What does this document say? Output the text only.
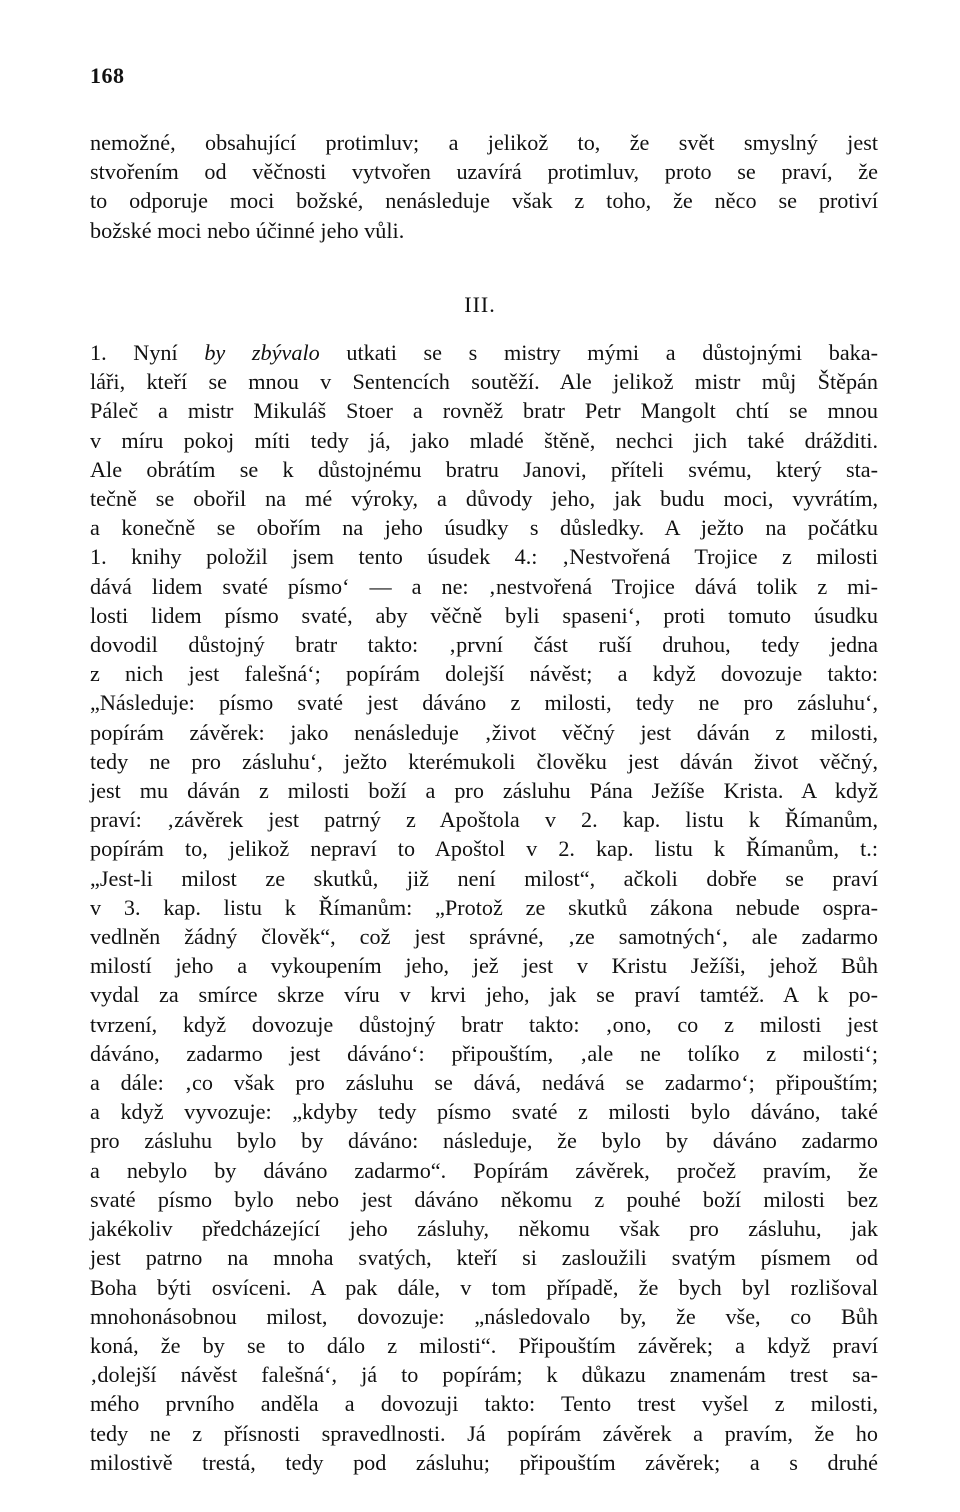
168
nemožné, obsahující protimluv; a jelikož to, že svět smyslný jest
stvořením od věčnosti vytvořen uzavírá protimluv, proto se praví, že
to odporuje moci božské, nenásleduje však z toho, že něco se protiví
božské moci nebo účinné jeho vůli.
III.
1. Nyní by zbývalo utkati se s mistry mými a důstojnými baka-
láři, kteří se mnou v Sentencích soutěží. Ale jelikož mistr můj Štěpán
Páleč a mistr Mikuláš Stoer a rovněž bratr Petr Mangolt chtí se mnou
v míru pokoj míti tedy já, jako mladé štěně, nechci jich také drážditi.
Ale obrátím se k důstojnému bratru Janovi, příteli svému, který sta-
tečně se obořil na mé výroky, a důvody jeho, jak budu moci, vyvrátím,
a konečně se obořím na jeho úsudky s důsledky. A ježto na počátku
1. knihy položil jsem tento úsudek 4.: ‚Nestvořená Trojice z milosti
dává lidem svaté písmo‘ — a ne: ‚nestvořená Trojice dává tolik z mi-
losti lidem písmo svaté, aby věčně byli spaseni‘, proti tomuto úsudku
dovodil důstojný bratr takto: ‚první část ruší druhou, tedy jedna
z nich jest falešná‘; popírám dolejší návěst; a když dovozuje takto:
„Následuje: písmo svaté jest dáváno z milosti, tedy ne pro zásluhu‘,
popírám závěrek: jako nenásleduje ‚život věčný jest dáván z milosti,
tedy ne pro zásluhu‘, ježto kterémukoli člověku jest dáván život věčný,
jest mu dáván z milosti boží a pro zásluhu Pána Ježíše Krista. A když
praví: ‚závěrek jest patrný z Apoštola v 2. kap. listu k Římanům,
popírám to, jelikož nepraví to Apoštol v 2. kap. listu k Římanům, t.:
„Jest-li milost ze skutků, již není milost“, ačkoli dobře se praví
v 3. kap. listu k Římanům: „Protož ze skutků zákona nebude ospra-
vedlněn žádný člověk“, což jest správné, ‚ze samotných‘, ale zadarmo
milostí jeho a vykoupením jeho, jež jest v Kristu Ježíši, jehož Bůh
vydal za smírce skrze víru v krvi jeho, jak se praví tamtéž. A k po-
tvrzení, když dovozuje důstojný bratr takto: ‚ono, co z milosti jest
dáváno, zadarmo jest dáváno‘: připouštím, ‚ale ne tolíko z milosti‘;
a dále: ‚co však pro zásluhu se dává, nedává se zadarmo‘; připouštím;
a když vyvozuje: „kdyby tedy písmo svaté z milosti bylo dáváno, také
pro zásluhu bylo by dáváno: následuje, že bylo by dáváno zadarmo
a nebylo by dáváno zadarmo“. Popírám závěrek, pročež pravím, že
svaté písmo bylo nebo jest dáváno někomu z pouhé boží milosti bez
jakékoliv předcházející jeho zásluhy, někomu však pro zásluhu, jak
jest patrno na mnoha svatých, kteří si zasloužili svatým písmem od
Boha býti osvíceni. A pak dále, v tom případě, že bych byl rozlišoval
mnohonásobnou milost, dovozuje: „následovalo by, že vše, co Bůh
koná, že by se to dálo z milosti“. Připouštím závěrek; a když praví
‚dolejší návěst falešná‘, já to popírám; k důkazu znamenám trest sa-
mého prvního anděla a dovozuji takto: Tento trest vyšel z milosti,
tedy ne z přísnosti spravedlnosti. Já popírám závěrek a pravím, že ho
milostivě trestá, tedy pod zásluhu; připouštím závěrek; a s druhé
